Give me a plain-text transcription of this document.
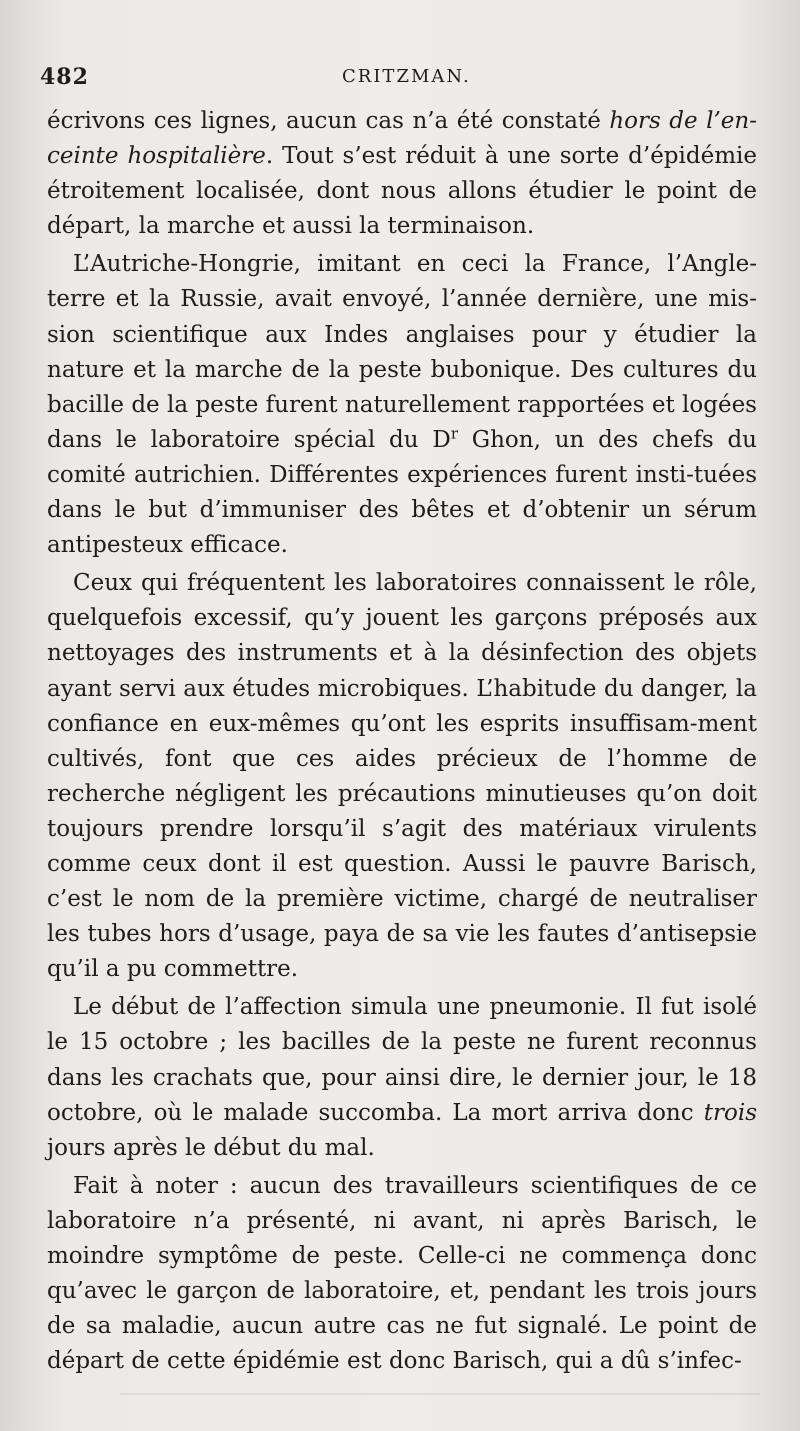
482	CRITZMAN.

écrivons ces lignes, aucun cas n’a été constaté hors de l’en-ceinte hospitalière. Tout s’est réduit à une sorte d’épidémie étroitement localisée, dont nous allons étudier le point de départ, la marche et aussi la terminaison.

L’Autriche-Hongrie, imitant en ceci la France, l’Angle-terre et la Russie, avait envoyé, l’année dernière, une mis-sion scientifique aux Indes anglaises pour y étudier la nature et la marche de la peste bubonique. Des cultures du bacille de la peste furent naturellement rapportées et logées dans le laboratoire spécial du $D^r$ Ghon, un des chefs du comité autrichien. Différentes expériences furent insti-tuées dans le but d’immuniser des bêtes et d’obtenir un sérum antipesteux efficace.

Ceux qui fréquentent les laboratoires connaissent le rôle, quelquefois excessif, qu’y jouent les garçons préposés aux nettoyages des instruments et à la désinfection des objets ayant servi aux études microbiques. L’habitude du danger, la confiance en eux-mêmes qu’ont les esprits insuffisam-ment cultivés, font que ces aides précieux de l’homme de recherche négligent les précautions minutieuses qu’on doit toujours prendre lorsqu’il s’agit des matériaux virulents comme ceux dont il est question. Aussi le pauvre Barisch, c’est le nom de la première victime, chargé de neutraliser les tubes hors d’usage, paya de sa vie les fautes d’antisepsie qu’il a pu commettre.

Le début de l’affection simula une pneumonie. Il fut isolé le 15 octobre ; les bacilles de la peste ne furent reconnus dans les crachats que, pour ainsi dire, le dernier jour, le 18 octobre, où le malade succomba. La mort arriva donc trois jours après le début du mal.

Fait à noter : aucun des travailleurs scientifiques de ce laboratoire n’a présenté, ni avant, ni après Barisch, le moindre symptôme de peste. Celle-ci ne commença donc qu’avec le garçon de laboratoire, et, pendant les trois jours de sa maladie, aucun autre cas ne fut signalé. Le point de départ de cette épidémie est donc Barisch, qui a dû s’infec-
